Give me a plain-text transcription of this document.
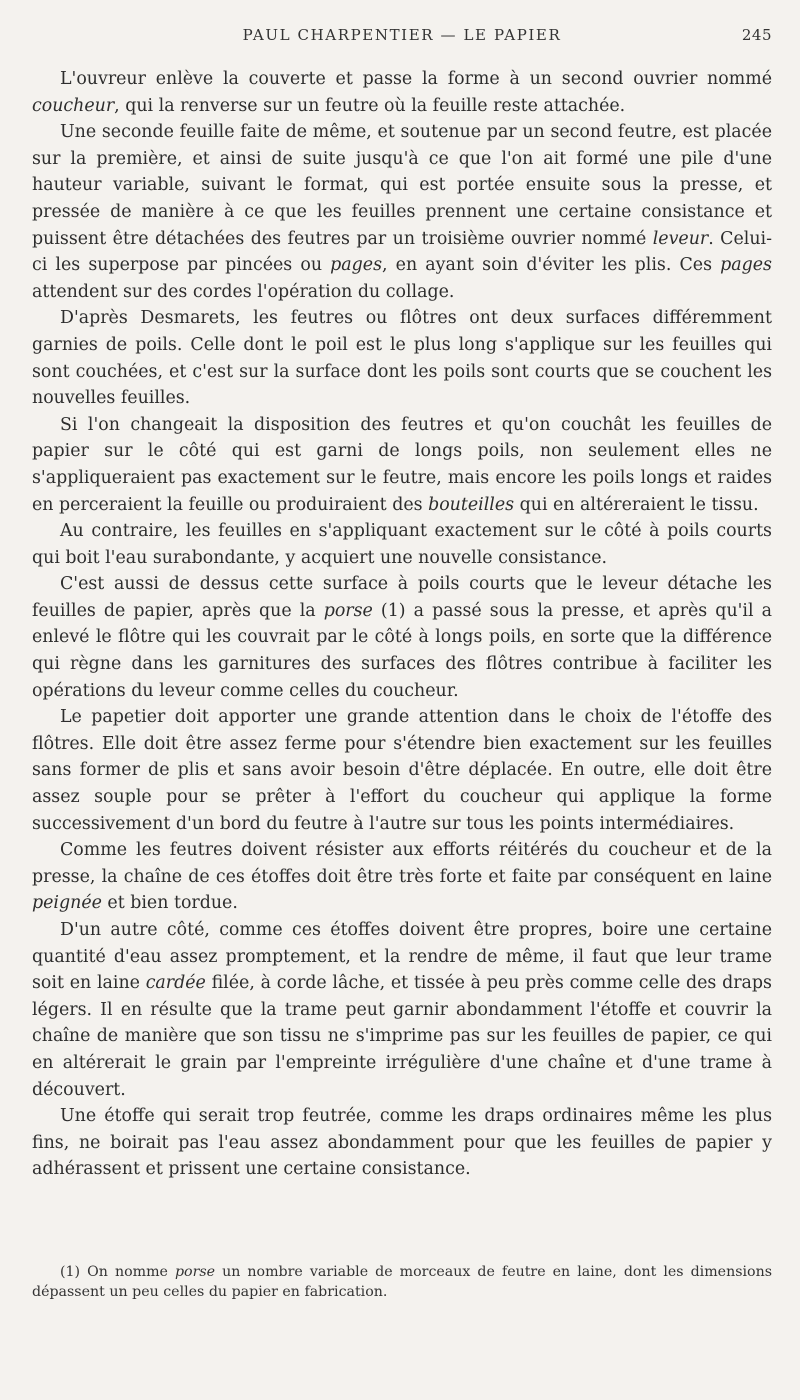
PAUL CHARPENTIER — LE PAPIER	245

L'ouvreur enlève la couverte et passe la forme à un second ouvrier nommé coucheur, qui la renverse sur un feutre où la feuille reste attachée.

Une seconde feuille faite de même, et soutenue par un second feutre, est placée sur la première, et ainsi de suite jusqu'à ce que l'on ait formé une pile d'une hauteur variable, suivant le format, qui est portée ensuite sous la presse, et pressée de manière à ce que les feuilles prennent une certaine consistance et puissent être détachées des feutres par un troisième ouvrier nommé leveur. Celui-ci les superpose par pincées ou pages, en ayant soin d'éviter les plis. Ces pages attendent sur des cordes l'opération du collage.

D'après Desmarets, les feutres ou flôtres ont deux surfaces différemment garnies de poils. Celle dont le poil est le plus long s'applique sur les feuilles qui sont couchées, et c'est sur la surface dont les poils sont courts que se couchent les nouvelles feuilles.

Si l'on changeait la disposition des feutres et qu'on couchât les feuilles de papier sur le côté qui est garni de longs poils, non seulement elles ne s'appliqueraient pas exactement sur le feutre, mais encore les poils longs et raides en perceraient la feuille ou produiraient des bouteilles qui en altéreraient le tissu.

Au contraire, les feuilles en s'appliquant exactement sur le côté à poils courts qui boit l'eau surabondante, y acquiert une nouvelle consistance.

C'est aussi de dessus cette surface à poils courts que le leveur détache les feuilles de papier, après que la porse (1) a passé sous la presse, et après qu'il a enlevé le flôtre qui les couvrait par le côté à longs poils, en sorte que la différence qui règne dans les garnitures des surfaces des flôtres contribue à faciliter les opérations du leveur comme celles du coucheur.

Le papetier doit apporter une grande attention dans le choix de l'étoffe des flôtres. Elle doit être assez ferme pour s'étendre bien exactement sur les feuilles sans former de plis et sans avoir besoin d'être déplacée. En outre, elle doit être assez souple pour se prêter à l'effort du coucheur qui applique la forme successivement d'un bord du feutre à l'autre sur tous les points intermédiaires.

Comme les feutres doivent résister aux efforts réitérés du coucheur et de la presse, la chaîne de ces étoffes doit être très forte et faite par conséquent en laine peignée et bien tordue.

D'un autre côté, comme ces étoffes doivent être propres, boire une certaine quantité d'eau assez promptement, et la rendre de même, il faut que leur trame soit en laine cardée filée, à corde lâche, et tissée à peu près comme celle des draps légers. Il en résulte que la trame peut garnir abondamment l'étoffe et couvrir la chaîne de manière que son tissu ne s'imprime pas sur les feuilles de papier, ce qui en altérerait le grain par l'empreinte irrégulière d'une chaîne et d'une trame à découvert.

Une étoffe qui serait trop feutrée, comme les draps ordinaires même les plus fins, ne boirait pas l'eau assez abondamment pour que les feuilles de papier y adhérassent et prissent une certaine consistance.

(1) On nomme porse un nombre variable de morceaux de feutre en laine, dont les dimensions dépassent un peu celles du papier en fabrication.
